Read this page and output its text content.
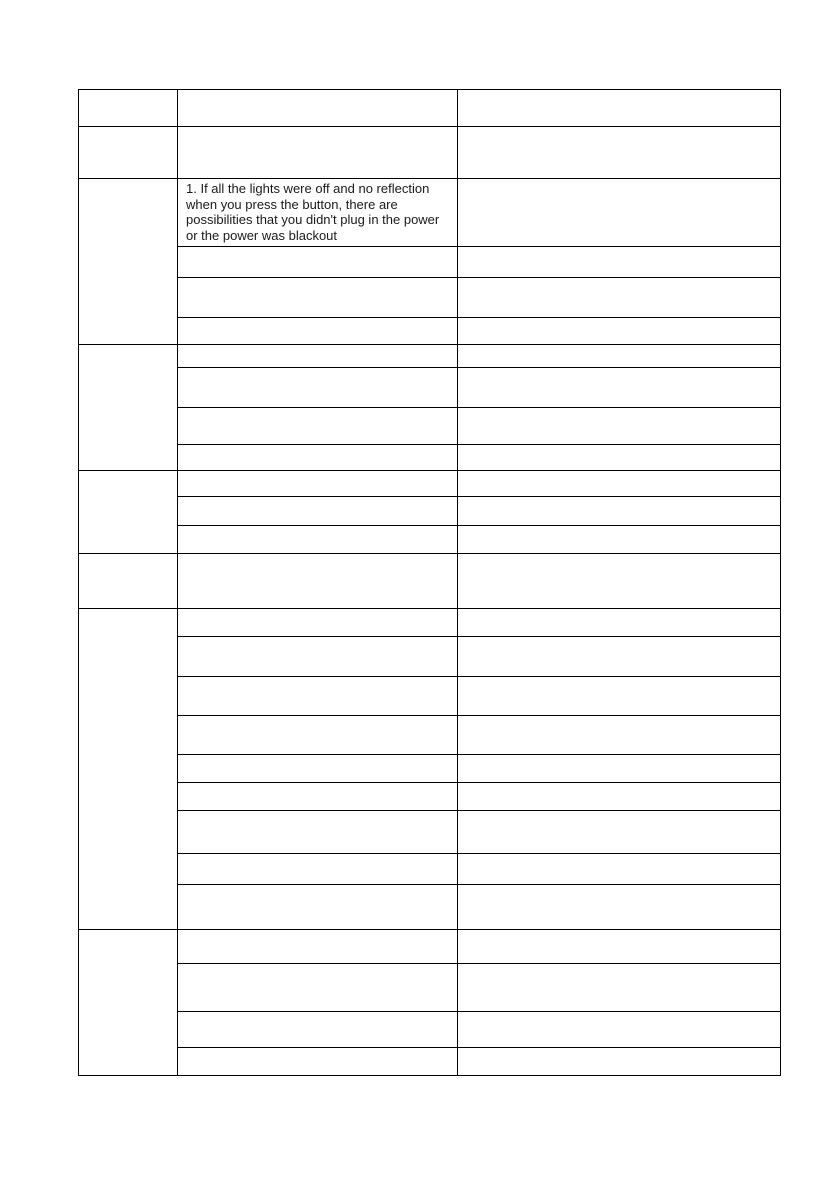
1. If all the lights were off and no reflection when you press the button, there are possibilities that you didn't plug in the power or the power was blackout
